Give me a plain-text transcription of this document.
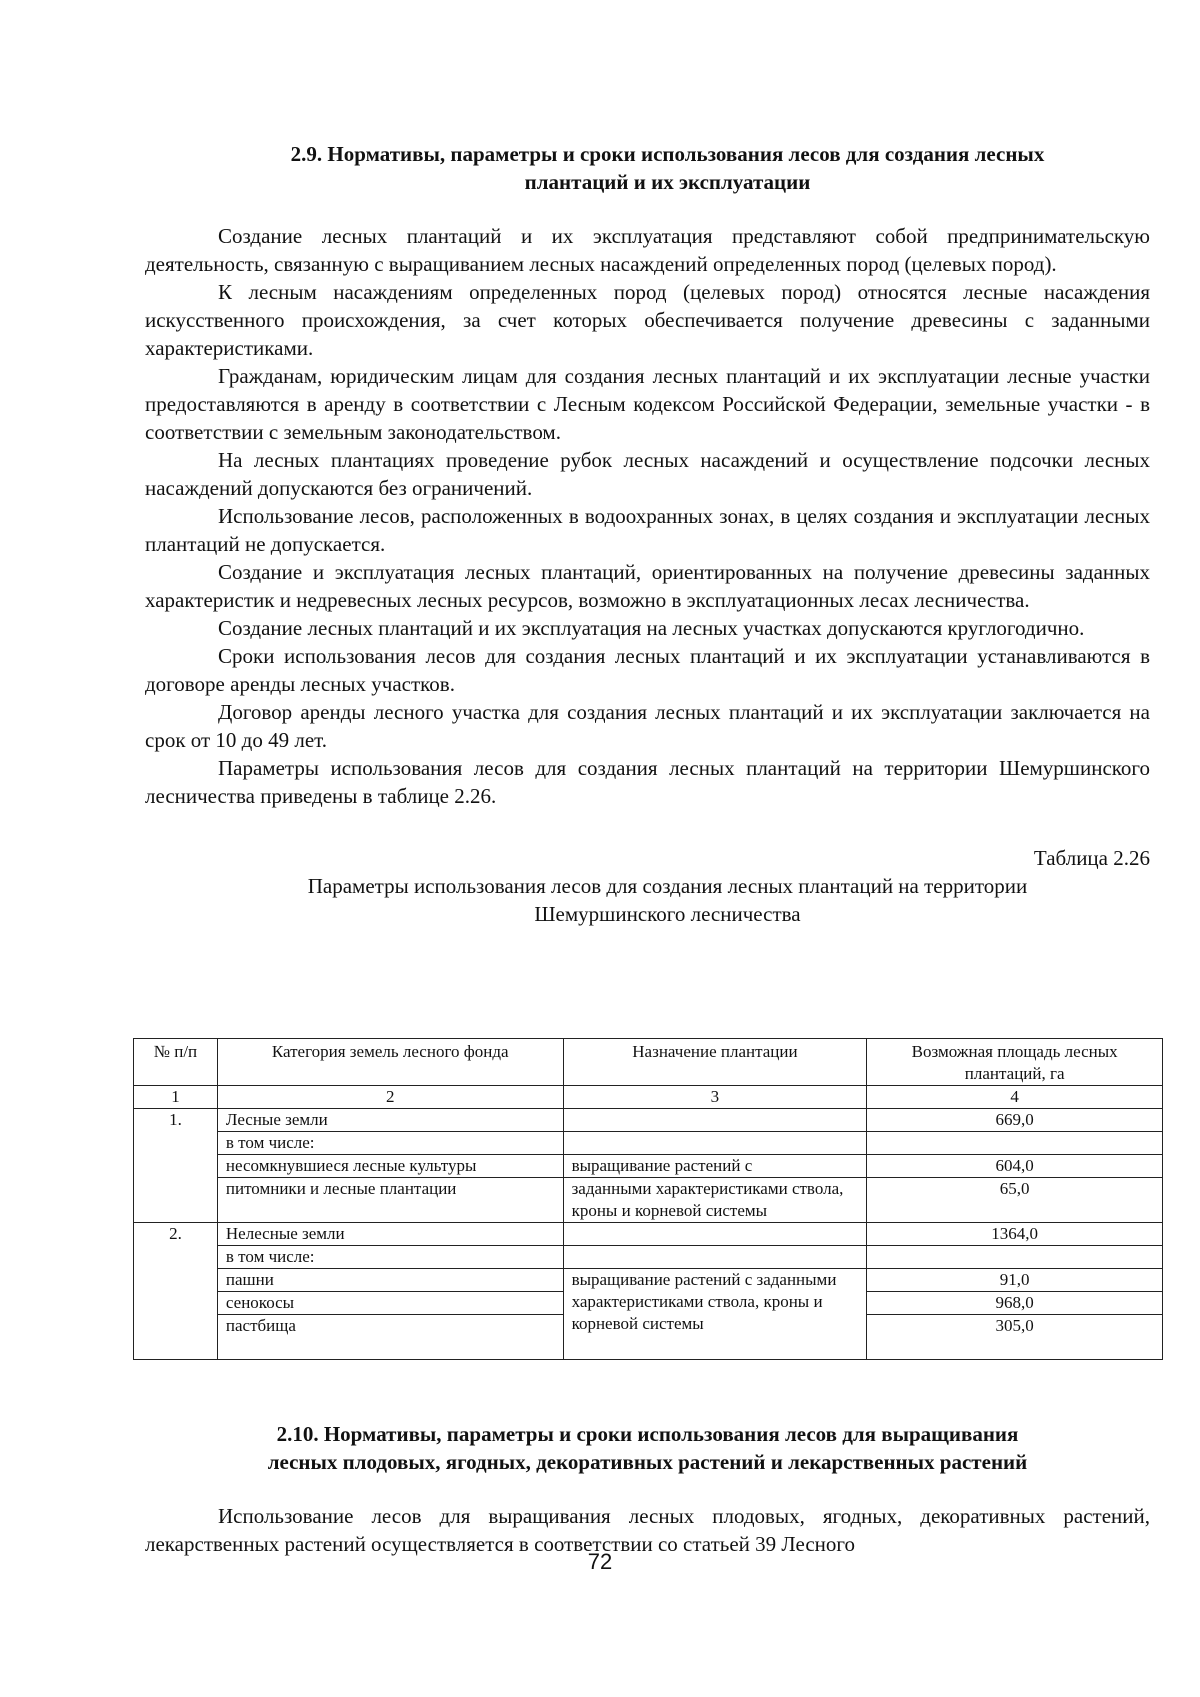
2.9. Нормативы, параметры и сроки использования лесов для создания лесных
плантаций и их эксплуатации

Создание лесных плантаций и их эксплуатация представляют собой предпринимательскую деятельность, связанную с выращиванием лесных насаждений определенных пород (целевых пород).

К лесным насаждениям определенных пород (целевых пород) относятся лесные насаждения искусственного происхождения, за счет которых обеспечивается получение древесины с заданными характеристиками.

Гражданам, юридическим лицам для создания лесных плантаций и их эксплуатации лесные участки предоставляются в аренду в соответствии с Лесным кодексом Российской Федерации, земельные участки - в соответствии с земельным законодательством.

На лесных плантациях проведение рубок лесных насаждений и осуществление подсочки лесных насаждений допускаются без ограничений.

Использование лесов, расположенных в водоохранных зонах, в целях создания и эксплуатации лесных плантаций не допускается.

Создание и эксплуатация лесных плантаций, ориентированных на получение древесины заданных характеристик и недревесных лесных ресурсов, возможно в эксплуатационных лесах лесничества.

Создание лесных плантаций и их эксплуатация на лесных участках допускаются круглогодично.

Сроки использования лесов для создания лесных плантаций и их эксплуатации устанавливаются в договоре аренды лесных участков.

Договор аренды лесного участка для создания лесных плантаций и их эксплуатации заключается на срок от 10 до 49 лет.

Параметры использования лесов для создания лесных плантаций на территории Шемуршинского лесничества приведены в таблице 2.26.

Таблица 2.26

Параметры использования лесов для создания лесных плантаций на территории
Шемуршинского лесничества

№ п/п	Категория земель лесного фонда	Назначение плантации	Возможная площадь лесных плантаций, га
1	2	3	4
1.	Лесные земли		669,0
	в том числе:		
	несомкнувшиеся лесные культуры	выращивание растений с	604,0
	питомники и лесные плантации	заданными характеристиками ствола, кроны и корневой системы	65,0
2.	Нелесные земли		1364,0
	в том числе:		
	пашни	выращивание растений с заданными характеристиками ствола, кроны и корневой системы	91,0
	сенокосы		968,0
	пастбища		305,0

2.10. Нормативы, параметры и сроки использования лесов для выращивания
лесных плодовых, ягодных, декоративных растений и лекарственных растений

Использование лесов для выращивания лесных плодовых, ягодных, декоративных растений, лекарственных растений осуществляется в соответствии со статьей 39 Лесного

72
